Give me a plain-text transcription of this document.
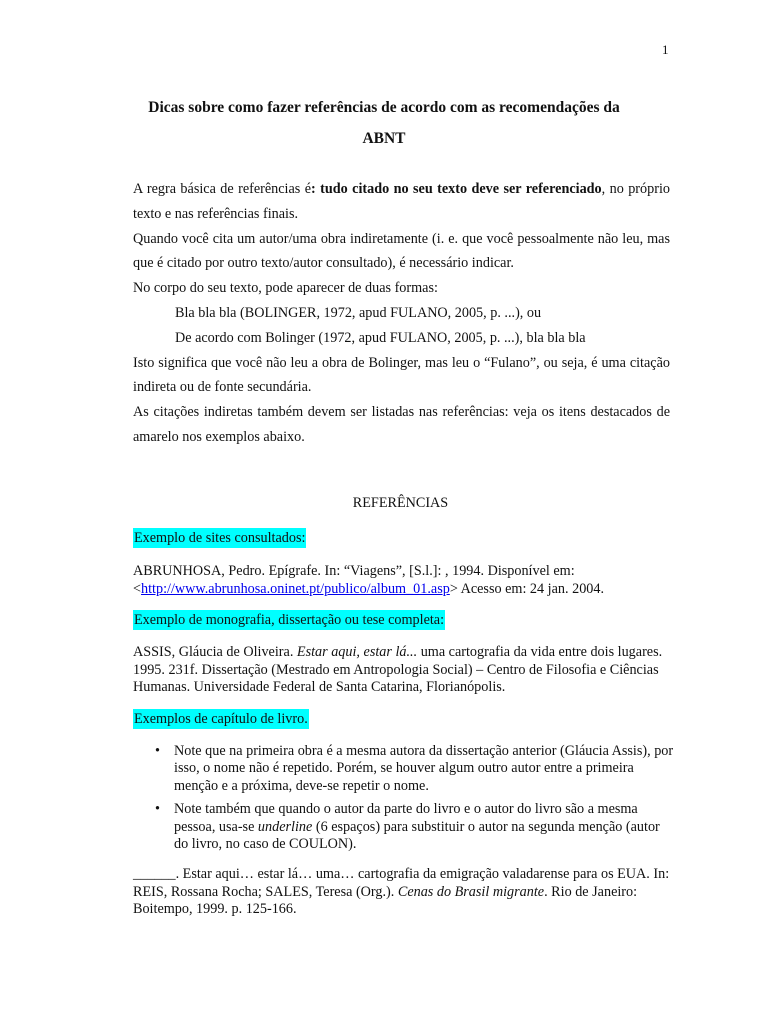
1
Dicas sobre como fazer referências de acordo com as recomendações da
ABNT

A regra básica de referências é: tudo citado no seu texto deve ser referenciado, no próprio texto e nas referências finais.

Quando você cita um autor/uma obra indiretamente (i. e. que você pessoalmente não leu, mas que é citado por outro texto/autor consultado), é necessário indicar.

No corpo do seu texto, pode aparecer de duas formas:

Bla bla bla (BOLINGER, 1972, apud FULANO, 2005, p. ...), ou

De acordo com Bolinger (1972, apud FULANO, 2005, p. ...), bla bla bla

Isto significa que você não leu a obra de Bolinger, mas leu o “Fulano”, ou seja, é uma citação indireta ou de fonte secundária.

As citações indiretas também devem ser listadas nas referências: veja os itens destacados de amarelo nos exemplos abaixo.

REFERÊNCIAS
Exemplo de sites consultados:

ABRUNHOSA, Pedro. Epígrafe. In: “Viagens”, [S.l.]: , 1994. Disponível em:
<http://www.abrunhosa.oninet.pt/publico/album_01.asp> Acesso em: 24 jan. 2004.

Exemplo de monografia, dissertação ou tese completa:

ASSIS, Gláucia de Oliveira. Estar aqui, estar lá... uma cartografia da vida entre dois lugares. 1995. 231f. Dissertação (Mestrado em Antropologia Social) – Centro de Filosofia e Ciências Humanas. Universidade Federal de Santa Catarina, Florianópolis.

Exemplos de capítulo de livro.
• Note que na primeira obra é a mesma autora da dissertação anterior (Gláucia Assis), por isso, o nome não é repetido. Porém, se houver algum outro autor entre a primeira menção e a próxima, deve-se repetir o nome.
• Note também que quando o autor da parte do livro e o autor do livro são a mesma pessoa, usa-se underline (6 espaços) para substituir o autor na segunda menção (autor do livro, no caso de COULON).

______. Estar aqui… estar lá… uma… cartografia da emigração valadarense para os EUA. In: REIS, Rossana Rocha; SALES, Teresa (Org.). Cenas do Brasil migrante. Rio de Janeiro: Boitempo, 1999. p. 125-166.
